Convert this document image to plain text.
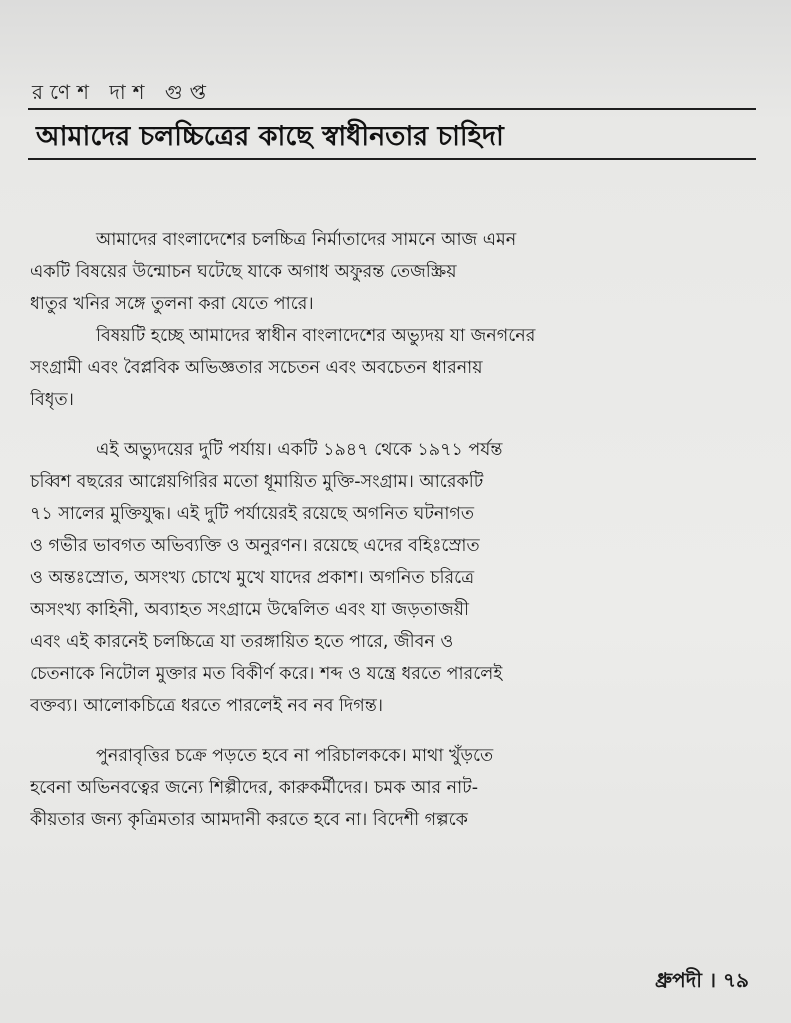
রণেশ দাশ গুপ্ত
আমাদের চলচ্চিত্রের কাছে স্বাধীনতার চাহিদা

আমাদের বাংলাদেশের চলচ্চিত্র নির্মাতাদের সামনে আজ এমন
একটি বিষয়ের উন্মোচন ঘটেছে যাকে অগাধ অফুরন্ত তেজস্ক্রিয়
ধাতুর খনির সঙ্গে তুলনা করা যেতে পারে।

বিষয়টি হচ্ছে আমাদের স্বাধীন বাংলাদেশের অভ্যুদয় যা জনগনের
সংগ্রামী এবং বৈপ্লবিক অভিজ্ঞতার সচেতন এবং অবচেতন ধারনায়
বিধৃত।

এই অভ্যুদয়ের দুটি পর্যায়। একটি ১৯৪৭ থেকে ১৯৭১ পর্যন্ত
চব্বিশ বছরের আগ্নেয়গিরির মতো ধূমায়িত মুক্তি-সংগ্রাম। আরেকটি
৭১ সালের মুক্তিযুদ্ধ। এই দুটি পর্যায়েরই রয়েছে অগনিত ঘটনাগত
ও গভীর ভাবগত অভিব্যক্তি ও অনুরণন। রয়েছে এদের বহিঃস্রোত
ও অন্তঃস্রোত, অসংখ্য চোখে মুখে যাদের প্রকাশ। অগনিত চরিত্রে
অসংখ্য কাহিনী, অব্যাহত সংগ্রামে উদ্বেলিত এবং যা জড়তাজয়ী
এবং এই কারনেই চলচ্চিত্রে যা তরঙ্গায়িত হতে পারে, জীবন ও
চেতনাকে নিটোল মুক্তার মত বিকীর্ণ করে। শব্দ ও যন্ত্রে ধরতে পারলেই
বক্তব্য। আলোকচিত্রে ধরতে পারলেই নব নব দিগন্ত।

পুনরাবৃত্তির চক্রে পড়তে হবে না পরিচালককে। মাথা খুঁড়তে
হবেনা অভিনবত্বের জন্যে শিল্পীদের, কারুকর্মীদের। চমক আর নাট-
কীয়তার জন্য কৃত্রিমতার আমদানী করতে হবে না। বিদেশী গল্পকে

ধ্রুপদী । ৭৯
